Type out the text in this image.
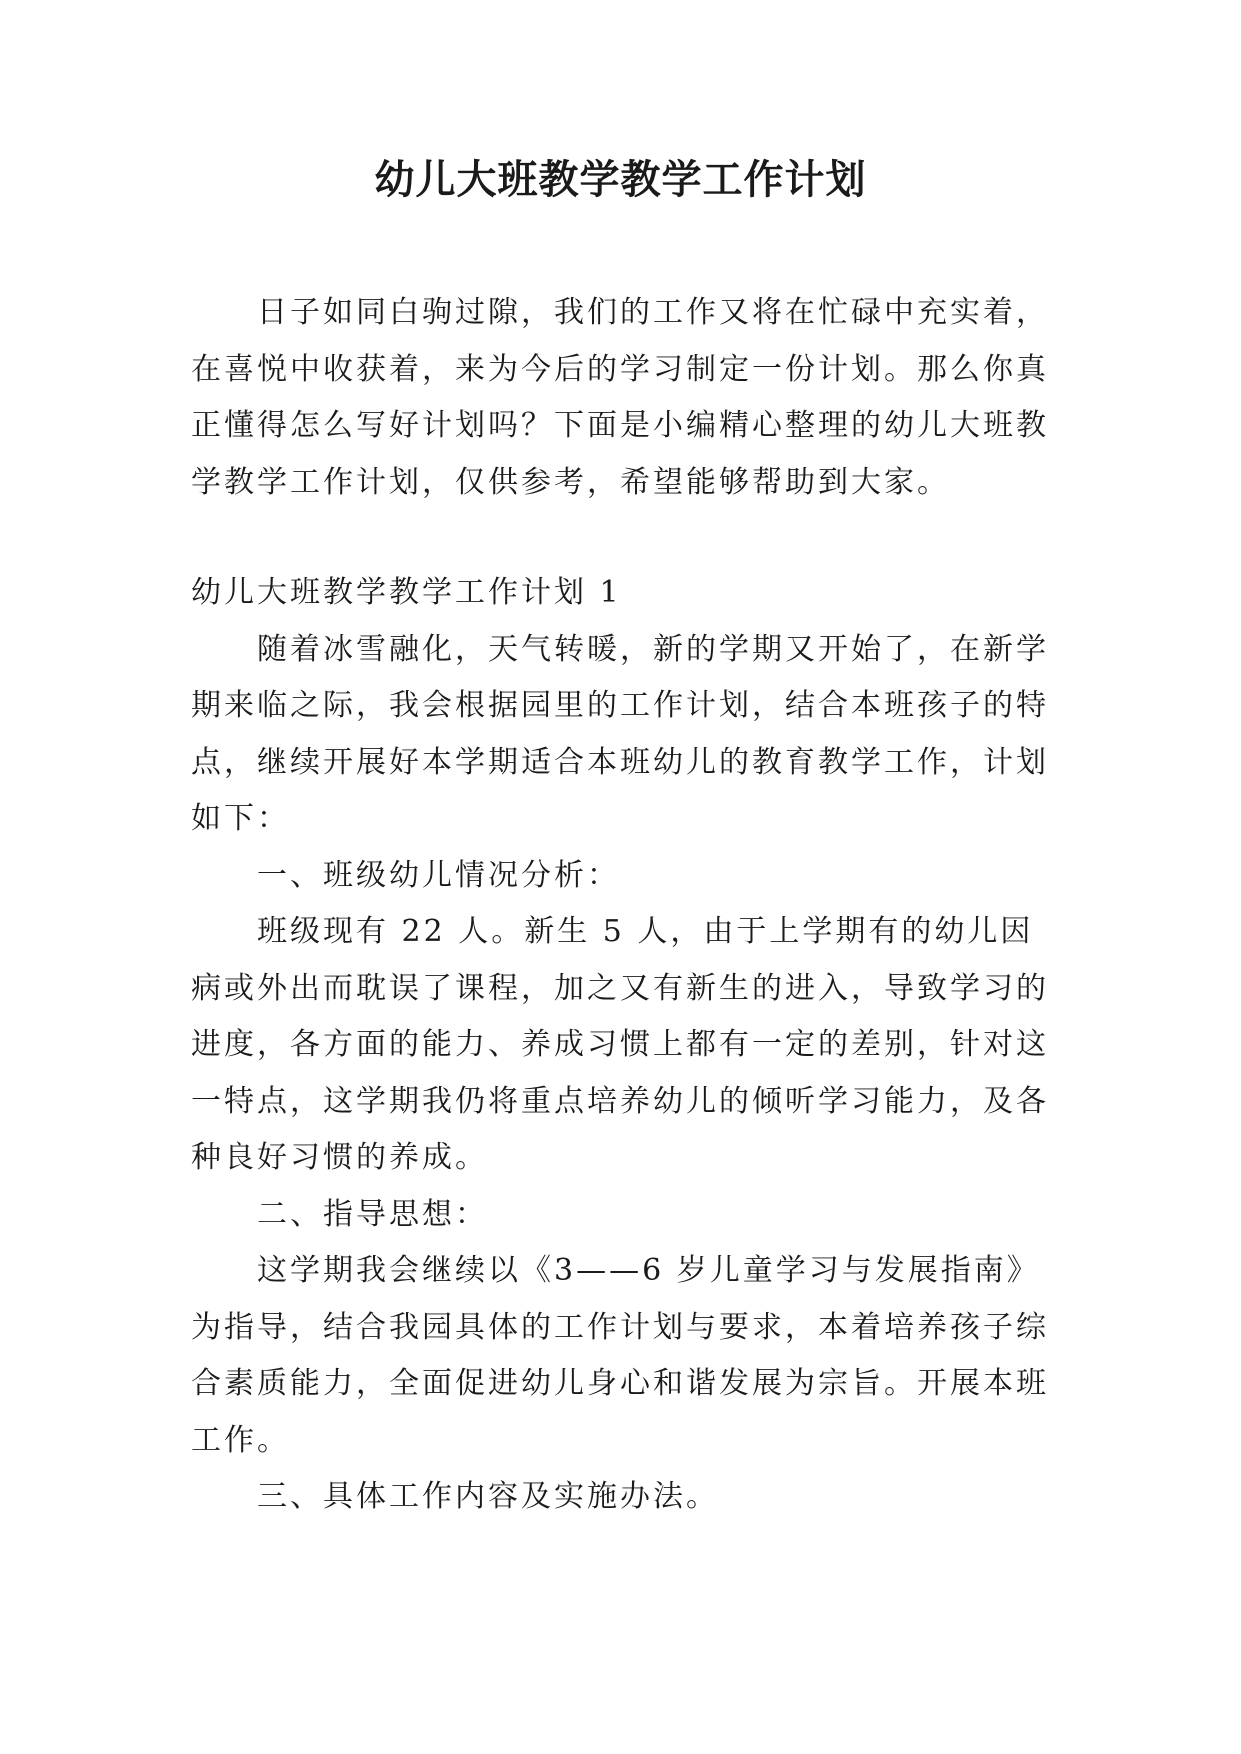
幼儿大班教学教学工作计划

日子如同白驹过隙，我们的工作又将在忙碌中充实着，在喜悦中收获着，来为今后的学习制定一份计划。那么你真正懂得怎么写好计划吗？下面是小编精心整理的幼儿大班教学教学工作计划，仅供参考，希望能够帮助到大家。

幼儿大班教学教学工作计划 1

随着冰雪融化，天气转暖，新的学期又开始了，在新学期来临之际，我会根据园里的工作计划，结合本班孩子的特点，继续开展好本学期适合本班幼儿的教育教学工作，计划如下：

一、班级幼儿情况分析：

班级现有 22 人。新生 5 人，由于上学期有的幼儿因病或外出而耽误了课程，加之又有新生的进入，导致学习的进度，各方面的能力、养成习惯上都有一定的差别，针对这一特点，这学期我仍将重点培养幼儿的倾听学习能力，及各种良好习惯的养成。

二、指导思想：

这学期我会继续以《3——6 岁儿童学习与发展指南》为指导，结合我园具体的工作计划与要求，本着培养孩子综合素质能力，全面促进幼儿身心和谐发展为宗旨。开展本班工作。

三、具体工作内容及实施办法。
